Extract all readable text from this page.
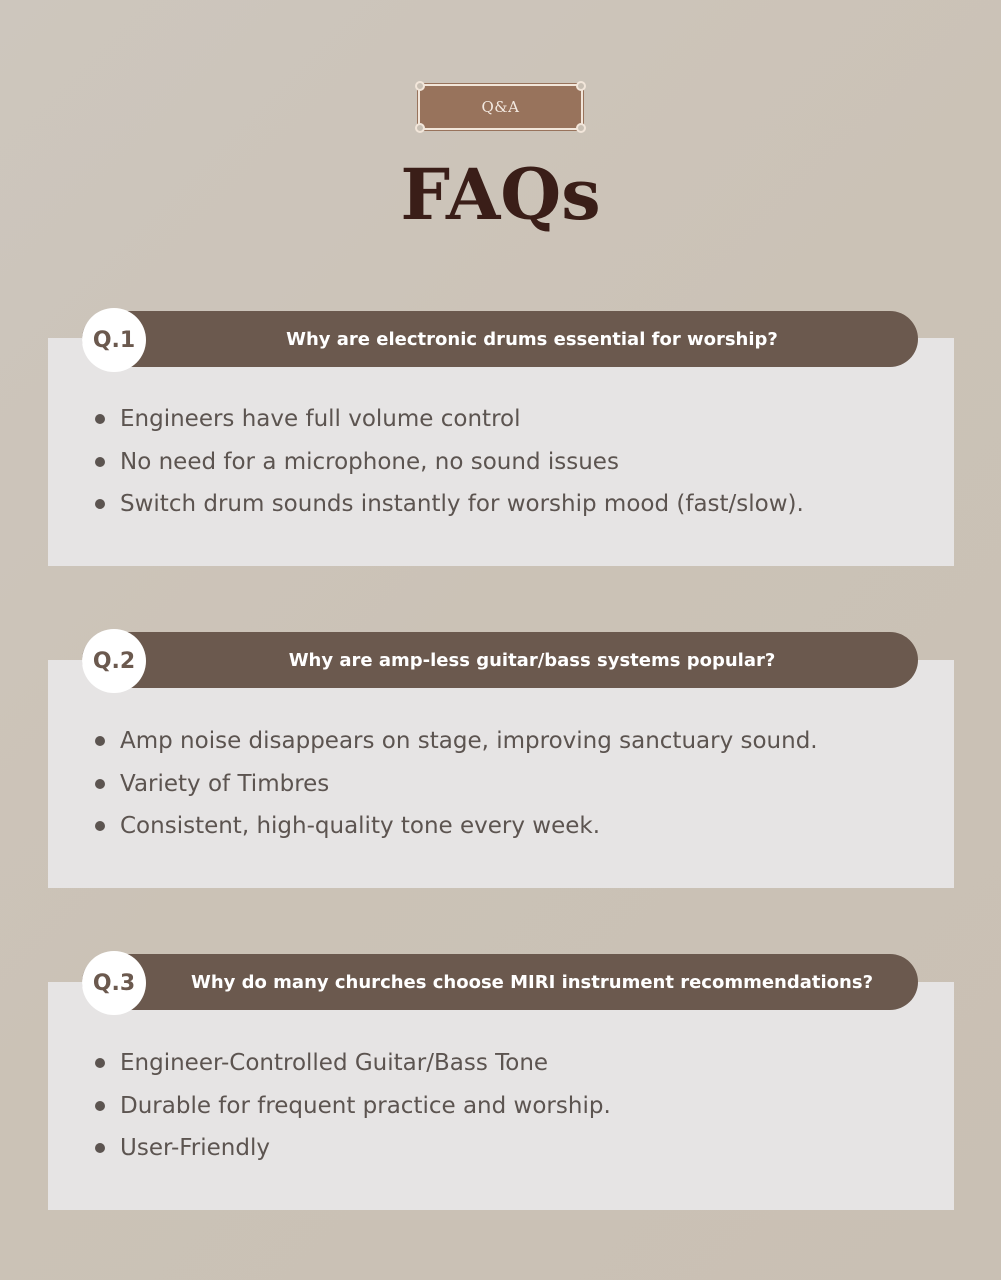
Q&A
FAQs
Q.1	Why are electronic drums essential for worship?
Engineers have full volume control
No need for a microphone, no sound issues
Switch drum sounds instantly for worship mood (fast/slow).
Q.2	Why are amp-less guitar/bass systems popular?
Amp noise disappears on stage, improving sanctuary sound.
Variety of Timbres
Consistent, high-quality tone every week.
Q.3	Why do many churches choose MIRI instrument recommendations?
Engineer-Controlled Guitar/Bass Tone
Durable for frequent practice and worship.
User-Friendly
